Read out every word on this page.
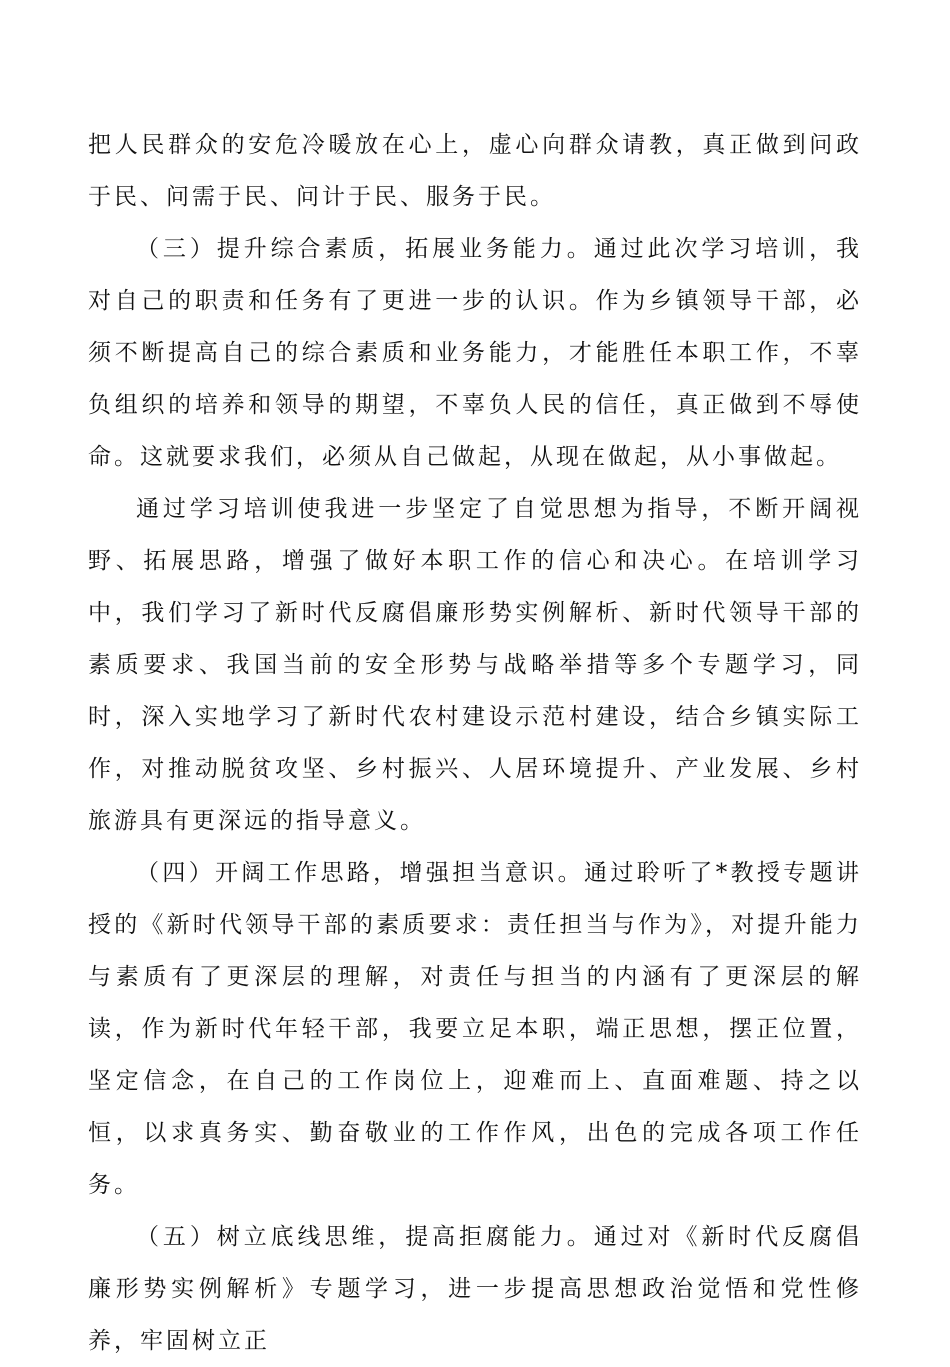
把人民群众的安危冷暖放在心上，虚心向群众请教，真正做到问政于民、问需于民、问计于民、服务于民。

（三）提升综合素质，拓展业务能力。通过此次学习培训，我对自己的职责和任务有了更进一步的认识。作为乡镇领导干部，必须不断提高自己的综合素质和业务能力，才能胜任本职工作，不辜负组织的培养和领导的期望，不辜负人民的信任，真正做到不辱使命。这就要求我们，必须从自己做起，从现在做起，从小事做起。

通过学习培训使我进一步坚定了自觉思想为指导，不断开阔视野、拓展思路，增强了做好本职工作的信心和决心。在培训学习中，我们学习了新时代反腐倡廉形势实例解析、新时代领导干部的素质要求、我国当前的安全形势与战略举措等多个专题学习，同时，深入实地学习了新时代农村建设示范村建设，结合乡镇实际工作，对推动脱贫攻坚、乡村振兴、人居环境提升、产业发展、乡村旅游具有更深远的指导意义。

（四）开阔工作思路，增强担当意识。通过聆听了*教授专题讲授的《新时代领导干部的素质要求：责任担当与作为》，对提升能力与素质有了更深层的理解，对责任与担当的内涵有了更深层的解读，作为新时代年轻干部，我要立足本职，端正思想，摆正位置，坚定信念，在自己的工作岗位上，迎难而上、直面难题、持之以恒，以求真务实、勤奋敬业的工作作风，出色的完成各项工作任务。

（五）树立底线思维，提高拒腐能力。通过对《新时代反腐倡廉形势实例解析》专题学习，进一步提高思想政治觉悟和党性修养，牢固树立正
